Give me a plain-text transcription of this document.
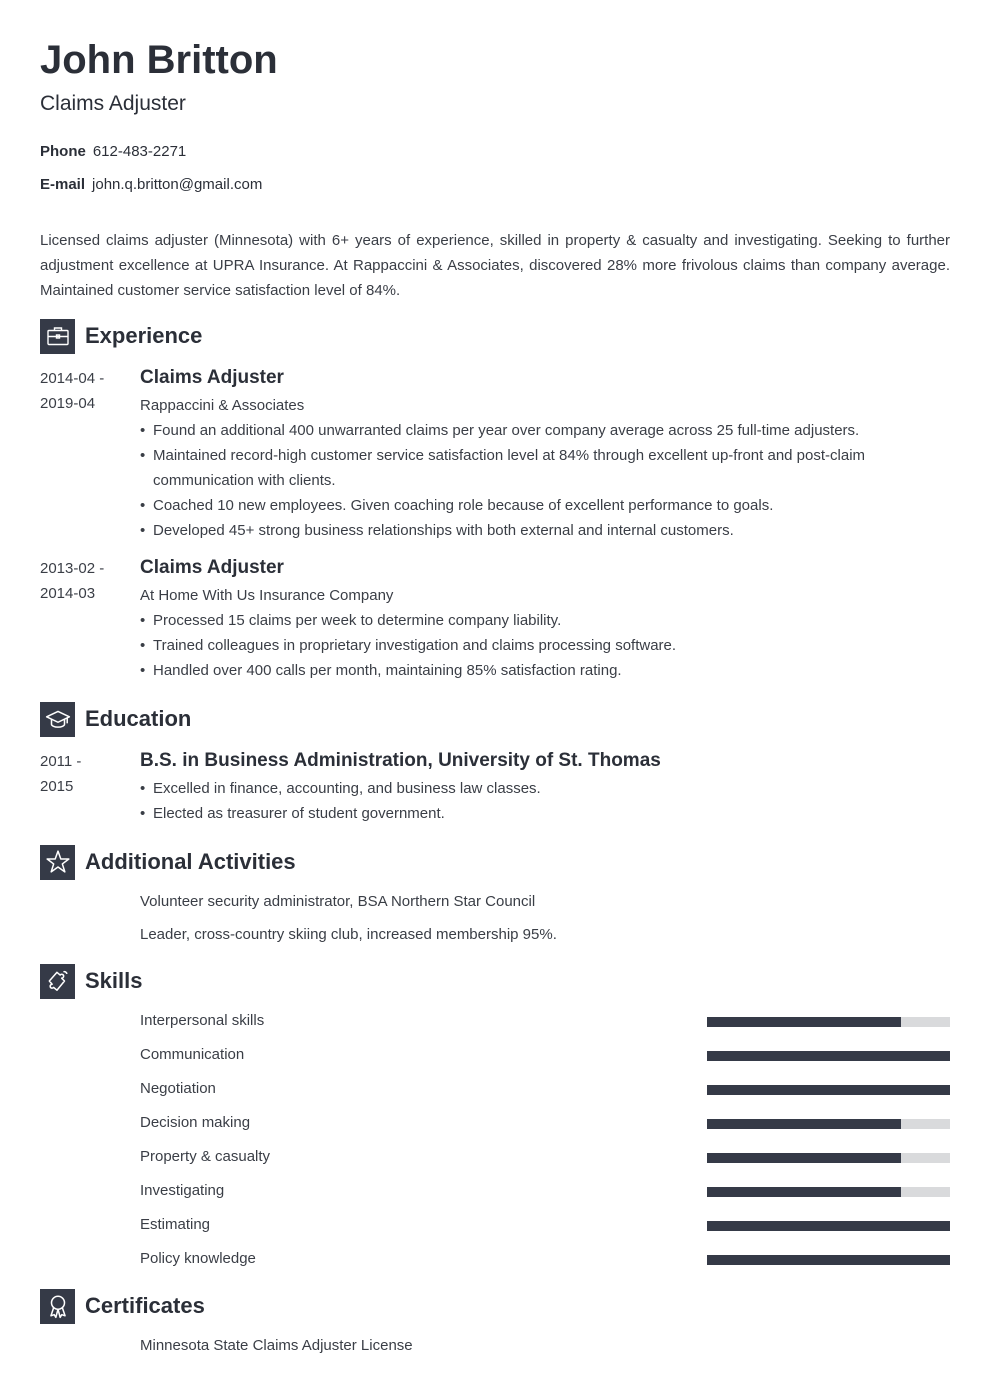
John Britton
Claims Adjuster
Phone 612-483-2271
E-mail john.q.britton@gmail.com
Licensed claims adjuster (Minnesota) with 6+ years of experience, skilled in property & casualty and investigating. Seeking to further adjustment excellence at UPRA Insurance. At Rappaccini & Associates, discovered 28% more frivolous claims than company average. Maintained customer service satisfaction level of 84%.
Experience
2014-04 -
2019-04
Claims Adjuster
Rappaccini & Associates
• Found an additional 400 unwarranted claims per year over company average across 25 full-time adjusters.
• Maintained record-high customer service satisfaction level at 84% through excellent up-front and post-claim communication with clients.
• Coached 10 new employees. Given coaching role because of excellent performance to goals.
• Developed 45+ strong business relationships with both external and internal customers.
2013-02 -
2014-03
Claims Adjuster
At Home With Us Insurance Company
• Processed 15 claims per week to determine company liability.
• Trained colleagues in proprietary investigation and claims processing software.
• Handled over 400 calls per month, maintaining 85% satisfaction rating.
Education
2011 -
2015
B.S. in Business Administration, University of St. Thomas
• Excelled in finance, accounting, and business law classes.
• Elected as treasurer of student government.
Additional Activities
Volunteer security administrator, BSA Northern Star Council
Leader, cross-country skiing club, increased membership 95%.
Skills
Interpersonal skills
Communication
Negotiation
Decision making
Property & casualty
Investigating
Estimating
Policy knowledge
Certificates
Minnesota State Claims Adjuster License
